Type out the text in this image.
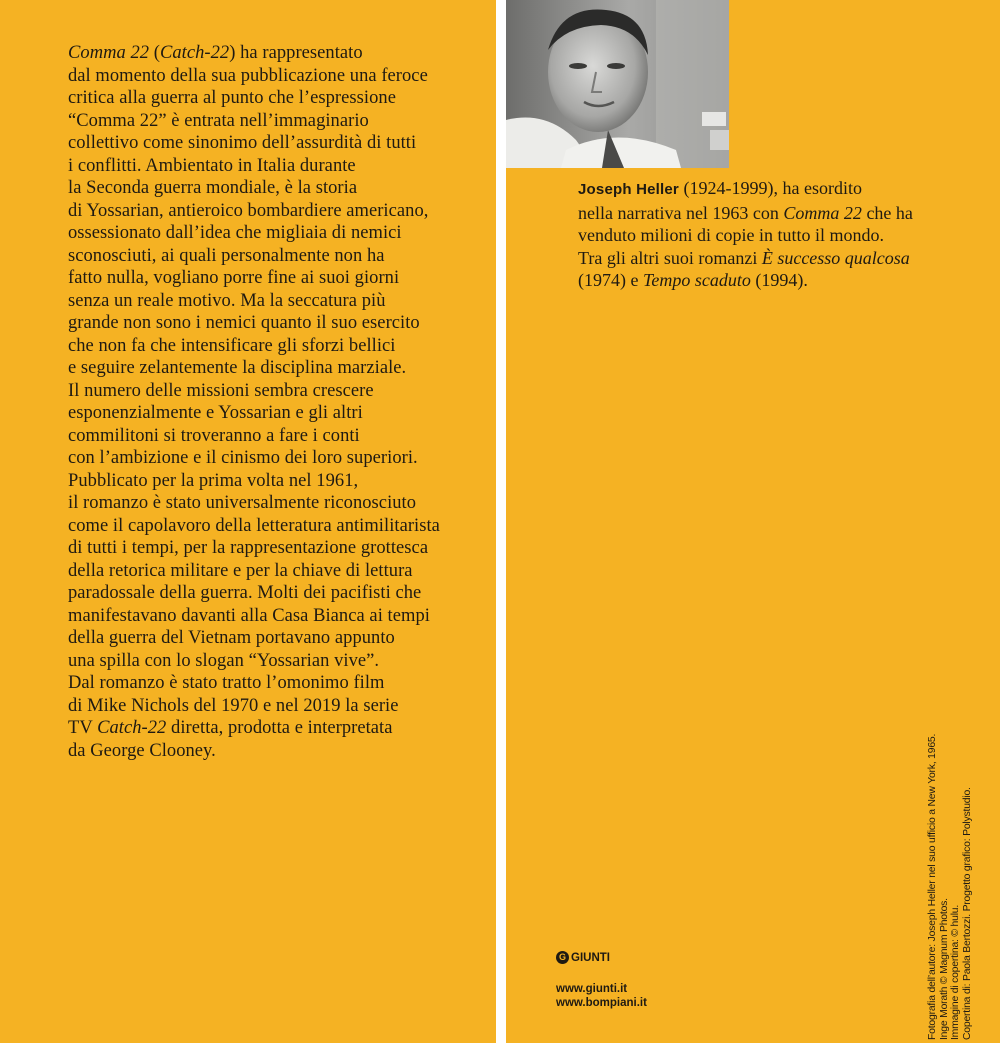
Comma 22 (Catch-22) ha rappresentato
dal momento della sua pubblicazione una feroce
critica alla guerra al punto che l’espressione
“Comma 22” è entrata nell’immaginario
collettivo come sinonimo dell’assurdità di tutti
i conflitti. Ambientato in Italia durante
la Seconda guerra mondiale, è la storia
di Yossarian, antieroico bombardiere americano,
ossessionato dall’idea che migliaia di nemici
sconosciuti, ai quali personalmente non ha
fatto nulla, vogliano porre fine ai suoi giorni
senza un reale motivo. Ma la seccatura più
grande non sono i nemici quanto il suo esercito
che non fa che intensificare gli sforzi bellici
e seguire zelantemente la disciplina marziale.
Il numero delle missioni sembra crescere
esponenzialmente e Yossarian e gli altri
commilitoni si troveranno a fare i conti
con l’ambizione e il cinismo dei loro superiori.
Pubblicato per la prima volta nel 1961,
il romanzo è stato universalmente riconosciuto
come il capolavoro della letteratura antimilitarista
di tutti i tempi, per la rappresentazione grottesca
della retorica militare e per la chiave di lettura
paradossale della guerra. Molti dei pacifisti che
manifestavano davanti alla Casa Bianca ai tempi
della guerra del Vietnam portavano appunto
una spilla con lo slogan “Yossarian vive”.
Dal romanzo è stato tratto l’omonimo film
di Mike Nichols del 1970 e nel 2019 la serie
TV Catch-22 diretta, prodotta e interpretata
da George Clooney.
Joseph Heller (1924-1999), ha esordito
nella narrativa nel 1963 con Comma 22 che ha
venduto milioni di copie in tutto il mondo.
Tra gli altri suoi romanzi È successo qualcosa
(1974) e Tempo scaduto (1994).
G GIUNTI
www.giunti.it
www.bompiani.it	Fotografia dell’autore: Joseph Heller nel suo ufficio a New York, 1965. Inge Morath © Magnum Photos. Immagine di copertina: © hulu. Copertina di: Paola Bertozzi. Progetto grafico: Polystudio.
